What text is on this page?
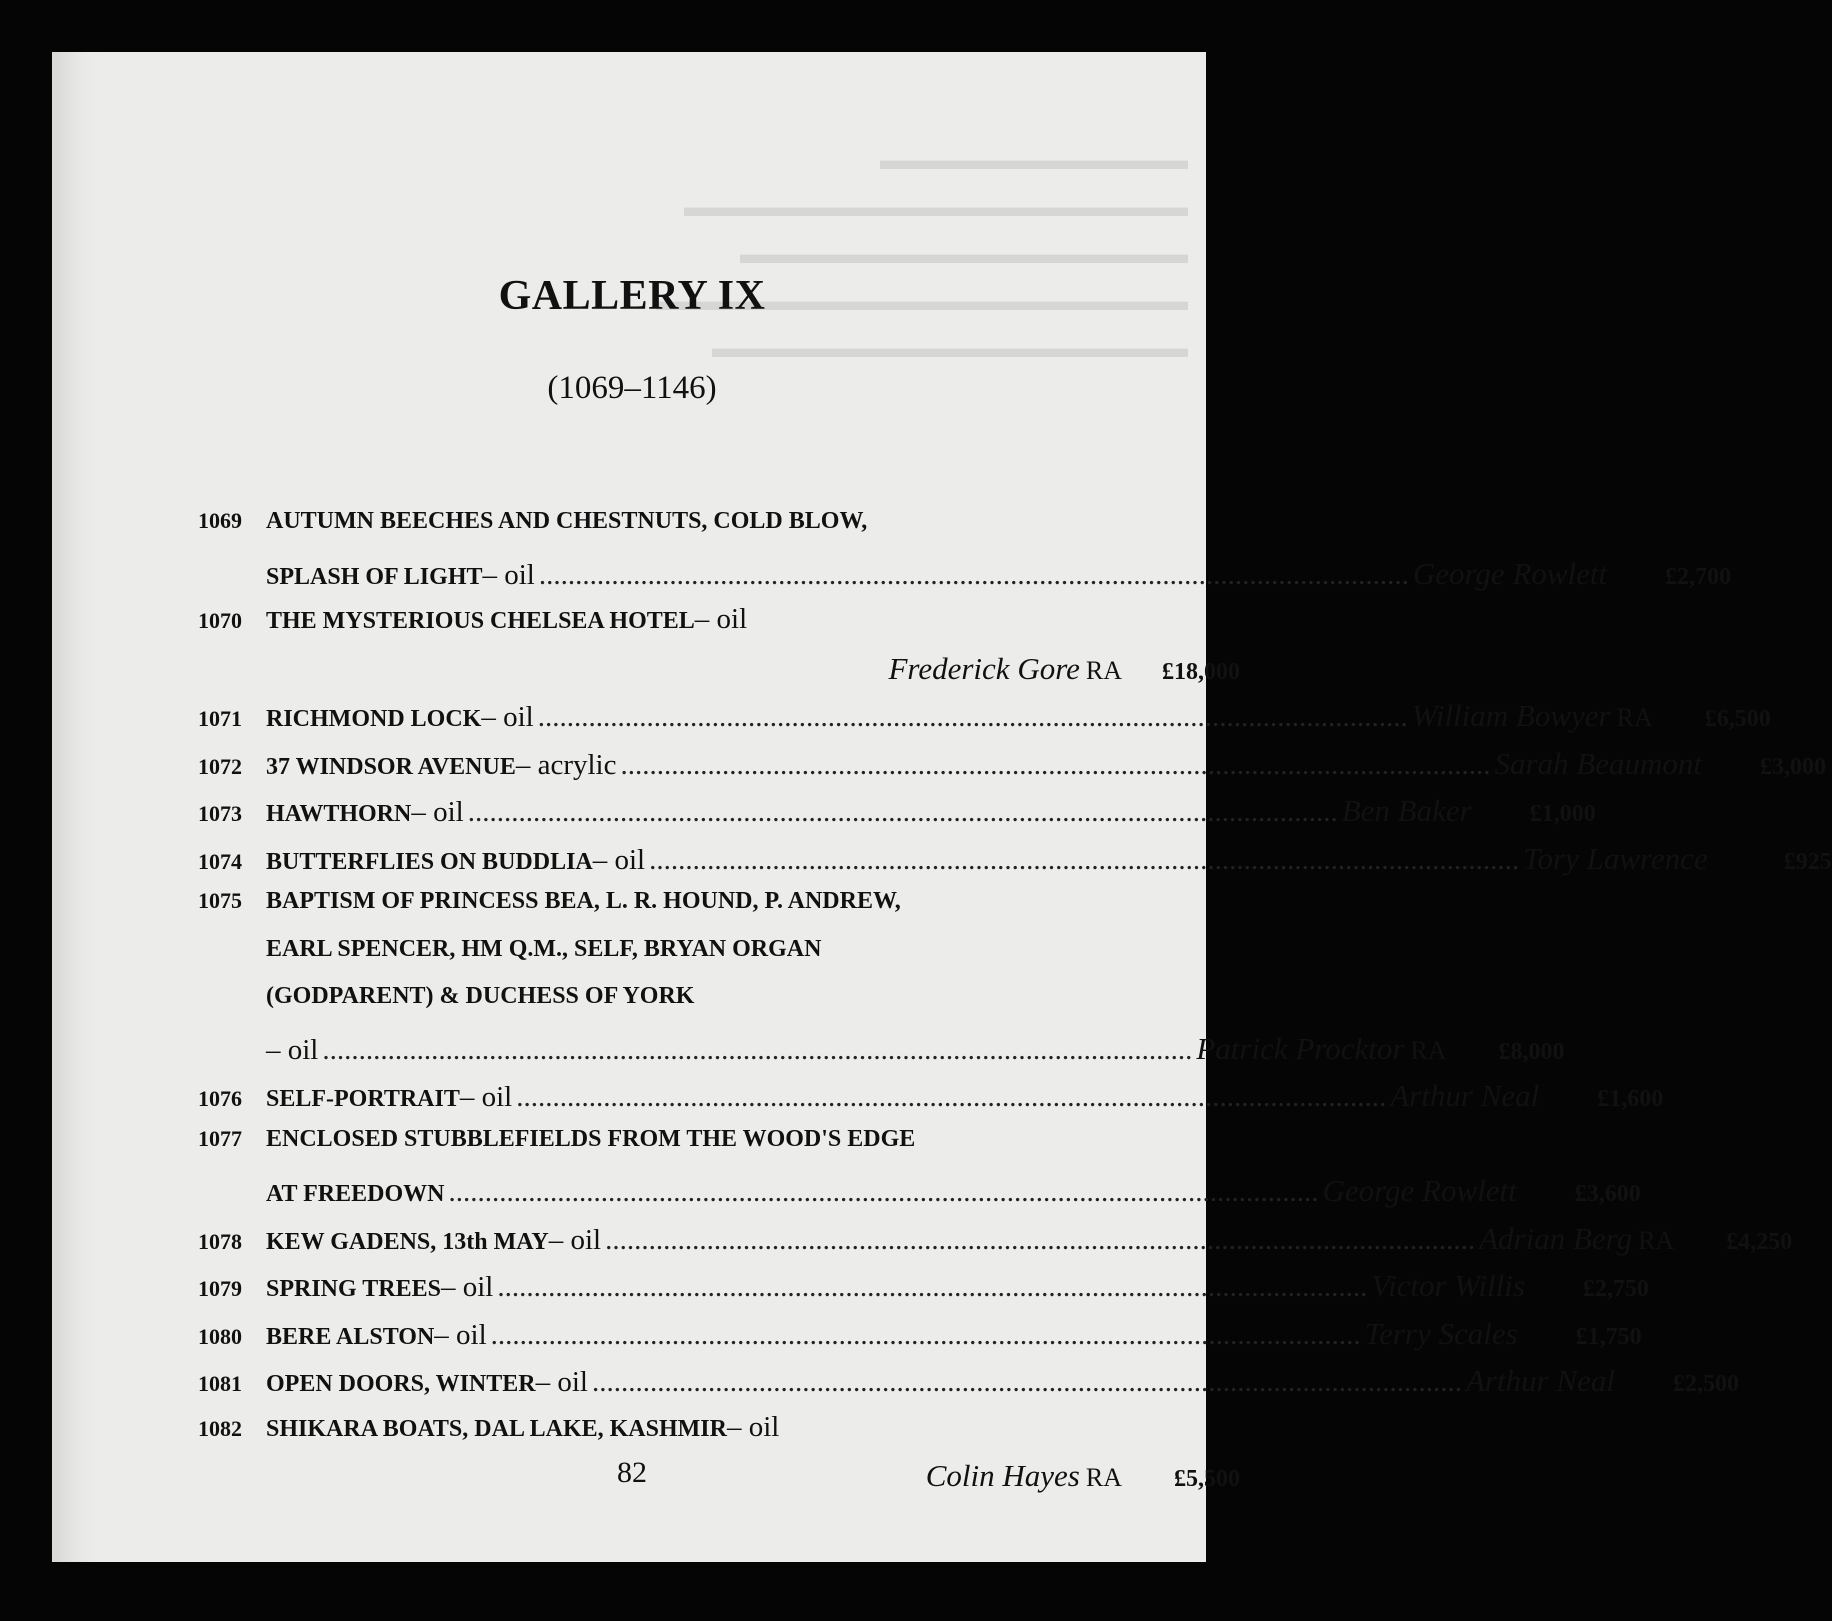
▬▬▬▬▬▬▬▬▬▬▬
▬▬▬▬▬▬▬▬▬▬▬▬▬▬▬▬▬▬
▬▬▬▬▬▬▬▬▬▬▬▬▬▬▬▬
▬▬▬▬▬▬▬▬▬▬▬▬▬▬▬▬▬▬▬
▬▬▬▬▬▬▬▬▬▬▬▬▬▬▬▬▬
GALLERY IX
(1069–1146)
1069	AUTUMN BEECHES AND CHESTNUTS, COLD BLOW,
SPLASH OF LIGHT – oil ........................................................................................................................ George Rowlett	£2,700
1070	THE MYSTERIOUS CHELSEA HOTEL – oil
Frederick Gore RA	£18,000
1071	RICHMOND LOCK – oil ........................................................................................................................ William Bowyer RA	£6,500
1072	37 WINDSOR AVENUE – acrylic ........................................................................................................................ Sarah Beaumont	£3,000
1073	HAWTHORN – oil ........................................................................................................................ Ben Baker	£1,000
1074	BUTTERFLIES ON BUDDLIA – oil ........................................................................................................................ Tory Lawrence	£925
1075	BAPTISM OF PRINCESS BEA, L. R. HOUND, P. ANDREW,
EARL SPENCER, HM Q.M., SELF, BRYAN ORGAN
(GODPARENT) & DUCHESS OF YORK
– oil ........................................................................................................................ Patrick Procktor RA	£8,000
1076	SELF-PORTRAIT – oil ........................................................................................................................ Arthur Neal	£1,600
1077	ENCLOSED STUBBLEFIELDS FROM THE WOOD'S EDGE
AT FREEDOWN ........................................................................................................................ George Rowlett	£3,600
1078	KEW GADENS, 13th MAY – oil ........................................................................................................................ Adrian Berg RA	£4,250
1079	SPRING TREES – oil ........................................................................................................................ Victor Willis	£2,750
1080	BERE ALSTON – oil ........................................................................................................................ Terry Scales	£1,750
1081	OPEN DOORS, WINTER – oil ........................................................................................................................ Arthur Neal	£2,500
1082	SHIKARA BOATS, DAL LAKE, KASHMIR – oil
Colin Hayes RA	£5,500
82
